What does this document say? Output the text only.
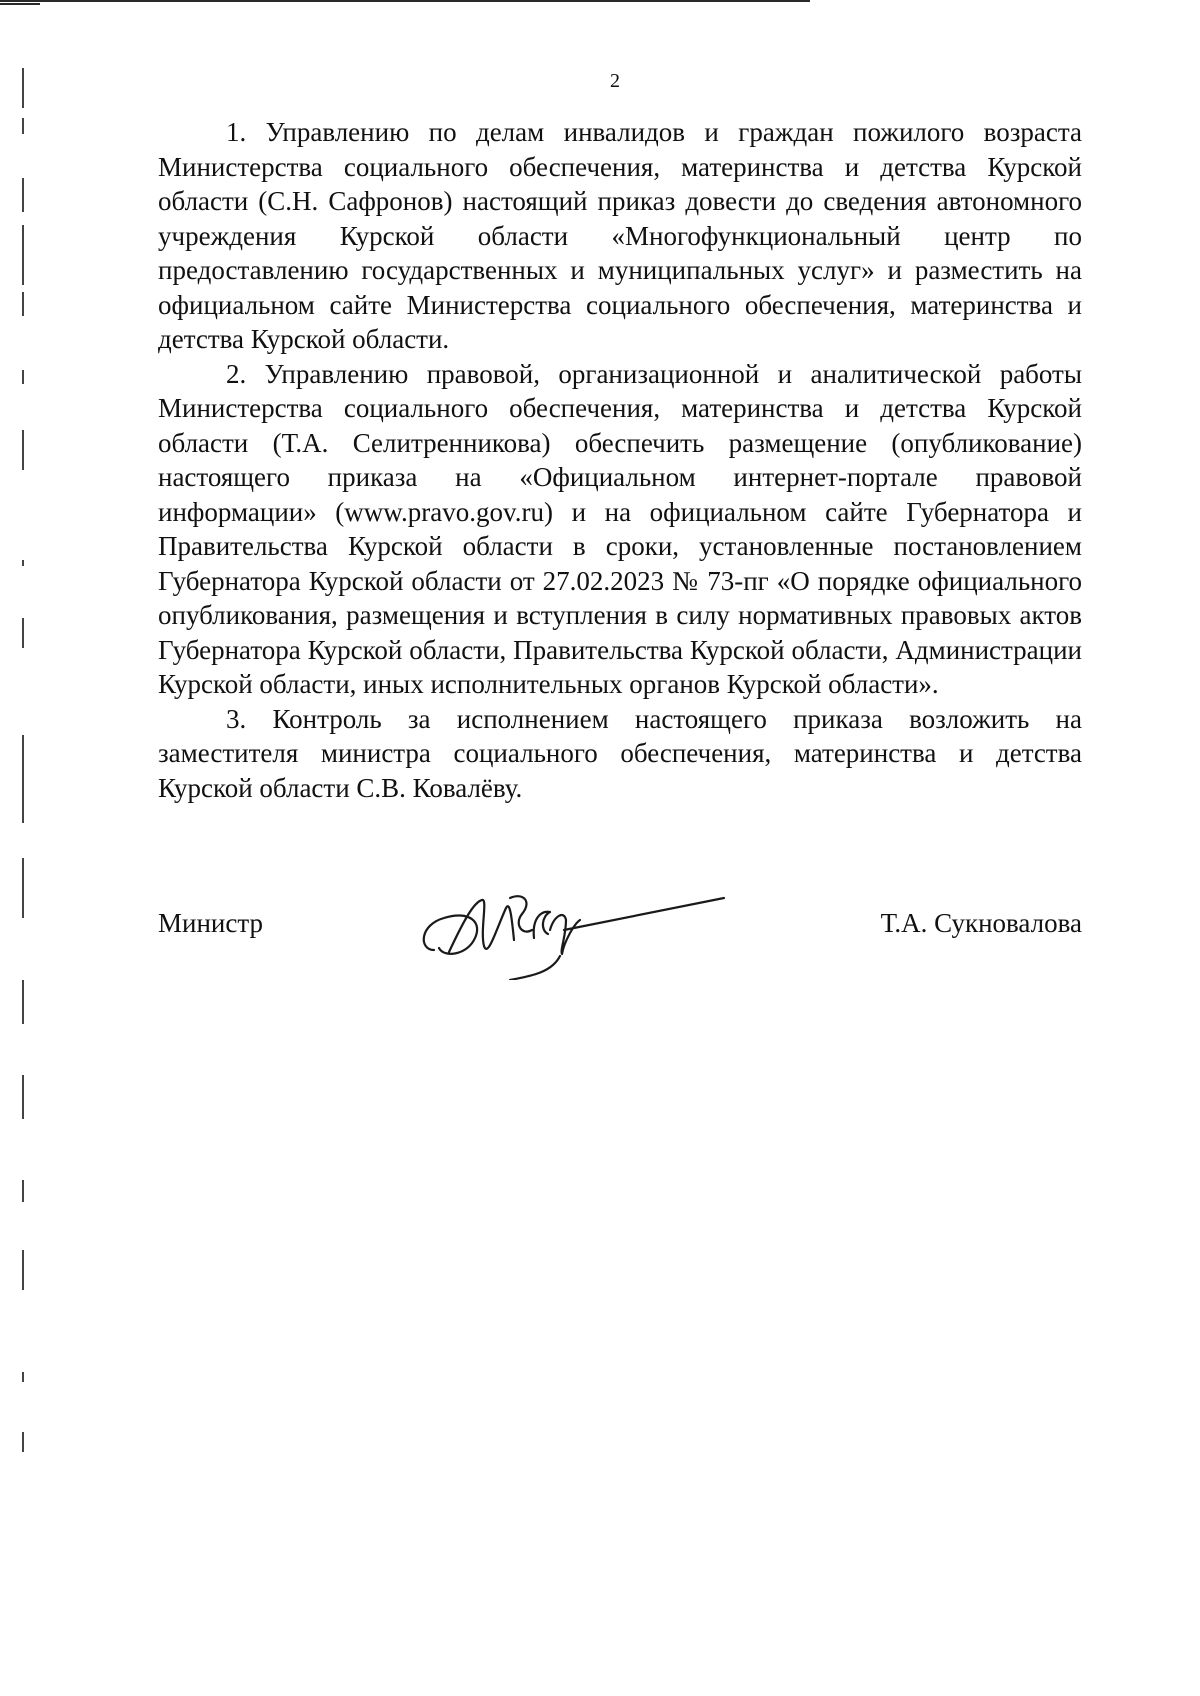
2

1. Управлению по делам инвалидов и граждан пожилого возраста Министерства социального обеспечения, материнства и детства Курской области (С.Н. Сафронов) настоящий приказ довести до сведения автономного учреждения Курской области «Многофункциональный центр по предоставлению государственных и муниципальных услуг» и разместить на официальном сайте Министерства социального обеспечения, материнства и детства Курской области.

2. Управлению правовой, организационной и аналитической работы Министерства социального обеспечения, материнства и детства Курской области (Т.А. Селитренникова) обеспечить размещение (опубликование) настоящего приказа на «Официальном интернет-портале правовой информации» (www.pravo.gov.ru) и на официальном сайте Губернатора и Правительства Курской области в сроки, установленные постановлением Губернатора Курской области от 27.02.2023 № 73-пг «О порядке официального опубликования, размещения и вступления в силу нормативных правовых актов Губернатора Курской области, Правительства Курской области, Администрации Курской области, иных исполнительных органов Курской области».

3. Контроль за исполнением настоящего приказа возложить на заместителя министра социального обеспечения, материнства и детства Курской области С.В. Ковалёву.

Министр	Т.А. Сукновалова
